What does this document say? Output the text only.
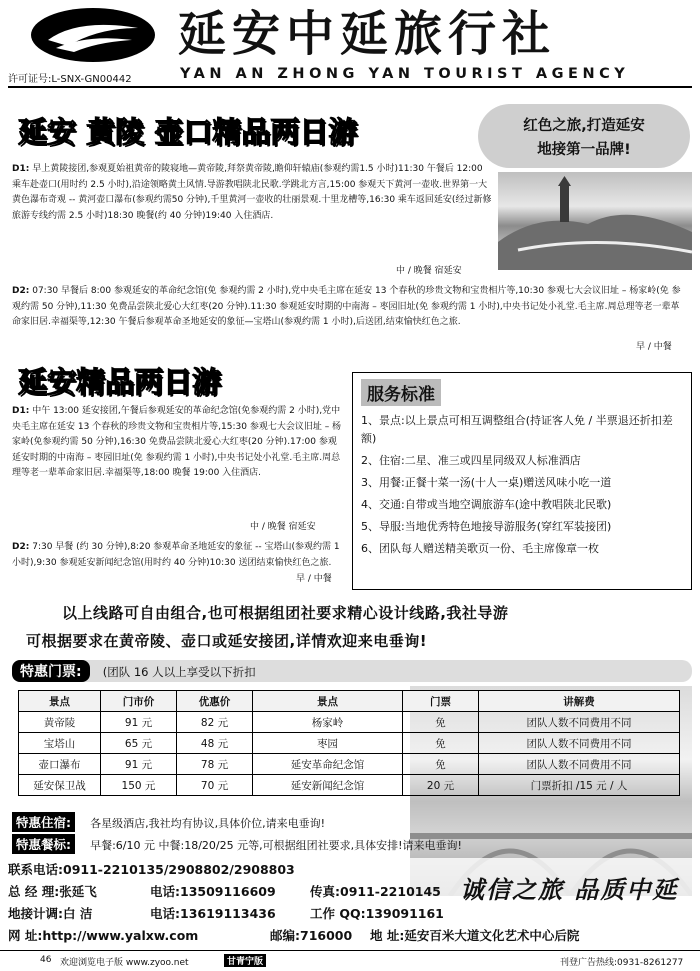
延安中延旅行社
许可证号:L-SNX-GN00442	YAN AN ZHONG YAN TOURIST AGENCY
延安 黄陵 壶口精品两日游	红色之旅,打造延安
地接第一品牌!
D1: 早上黄陵接团,参观夏始祖黄帝的陵寝地—黄帝陵,拜祭黄帝陵,瞻仰轩辕庙(参观约需1.5 小时)11:30 午餐后 12:00 乘车赴壶口(用时约 2.5 小时),沿途领略黄土风情.导游教唱陕北民歌.学跳北方言,15:00 参观天下黄河一壶收.世界第一大黄色瀑布奇观 -- 黄河壶口瀑布(参观约需50 分钟),千里黄河一壶收的壮丽景观.十里龙槽等,16:30 乘车返回延安(经过新修旅游专线约需 2.5 小时)18:30 晚餐(约 40 分钟)19:40 入住酒店.
中 / 晚餐 宿延安
D2: 07:30 早餐后 8:00 参观延安的革命纪念馆(免 参观约需 2 小时),党中央毛主席在延安 13 个春秋的珍贵文物和宝贵相片等,10:30 参观七大会议旧址 – 杨家岭(免 参观约需 50 分钟),11:30 免费品尝陕北爱心大红枣(20 分钟).11:30 参观延安时期的中南海 – 枣园旧址(免 参观约需 1 小时),中央书记处小礼堂.毛主席.周总理等老一辈革命家旧居.幸福渠等,12:30 午餐后参观革命圣地延安的象征—宝塔山(参观约需 1 小时),后送团,结束愉快红色之旅.
早 / 中餐
延安精品两日游
D1: 中午 13:00 延安接团,午餐后参观延安的革命纪念馆(免参观约需 2 小时),党中央毛主席在延安 13 个春秋的珍贵文物和宝贵相片等,15:30 参观七大会议旧址 – 杨家岭(免参观约需 50 分钟),16:30 免费品尝陕北爱心大红枣(20 分钟).17:00 参观延安时期的中南海 – 枣园旧址(免 参观约需 1 小时),中央书记处小礼堂.毛主席.周总理等老一辈革命家旧居.幸福渠等,18:00 晚餐 19:00 入住酒店.
中 / 晚餐 宿延安
D2: 7:30 早餐 (约 30 分钟),8:20 参观革命圣地延安的象征 -- 宝塔山(参观约需 1 小时),9:30 参观延安新闻纪念馆(用时约 40 分钟)10:30 送团结束愉快红色之旅.
早 / 中餐
服务标准
1、景点:以上景点可相互调整组合(持证客人免 / 半票退还折扣差额)
2、住宿:二星、准三或四星同级双人标准酒店
3、用餐:正餐十菜一汤(十人一桌)赠送风味小吃一道
4、交通:自带或当地空调旅游车(途中教唱陕北民歌)
5、导服:当地优秀特色地接导游服务(穿红军装接团)
6、团队每人赠送精美歌页一份、毛主席像章一枚
以上线路可自由组合,也可根据组团社要求精心设计线路,我社导游
可根据要求在黄帝陵、壶口或延安接团,详情欢迎来电垂询!
特惠门票: (团队 16 人以上享受以下折扣
景点	门市价	优惠价	景点	门票	讲解费
黄帝陵	91 元	82 元	杨家岭	免	团队人数不同费用不同
宝塔山	65 元	48 元	枣园	免	团队人数不同费用不同
壶口瀑布	91 元	78 元	延安革命纪念馆	免	团队人数不同费用不同
延安保卫战	150 元	70 元	延安新闻纪念馆	20 元	门票折扣 /15 元 / 人
特惠住宿: 各星级酒店,我社均有协议,具体价位,请来电垂询!
特惠餐标: 早餐:6/10 元 中餐:18/20/25 元等,可根据组团社要求,具体安排!请来电垂询!
联系电话:0911-2210135/2908802/2908803
总 经 理:张延飞	电话:13509116609	传真:0911-2210145
地接计调:白 洁	电话:13619113436	工作 QQ:139091161
网 址:http://www.yalxw.com	邮编:716000 地 址:延安百米大道文化艺术中心后院
诚信之旅 品质中延
46 欢迎浏览电子版 www.zyoo.net	甘青宁版	刊登广告热线:0931-8261277
